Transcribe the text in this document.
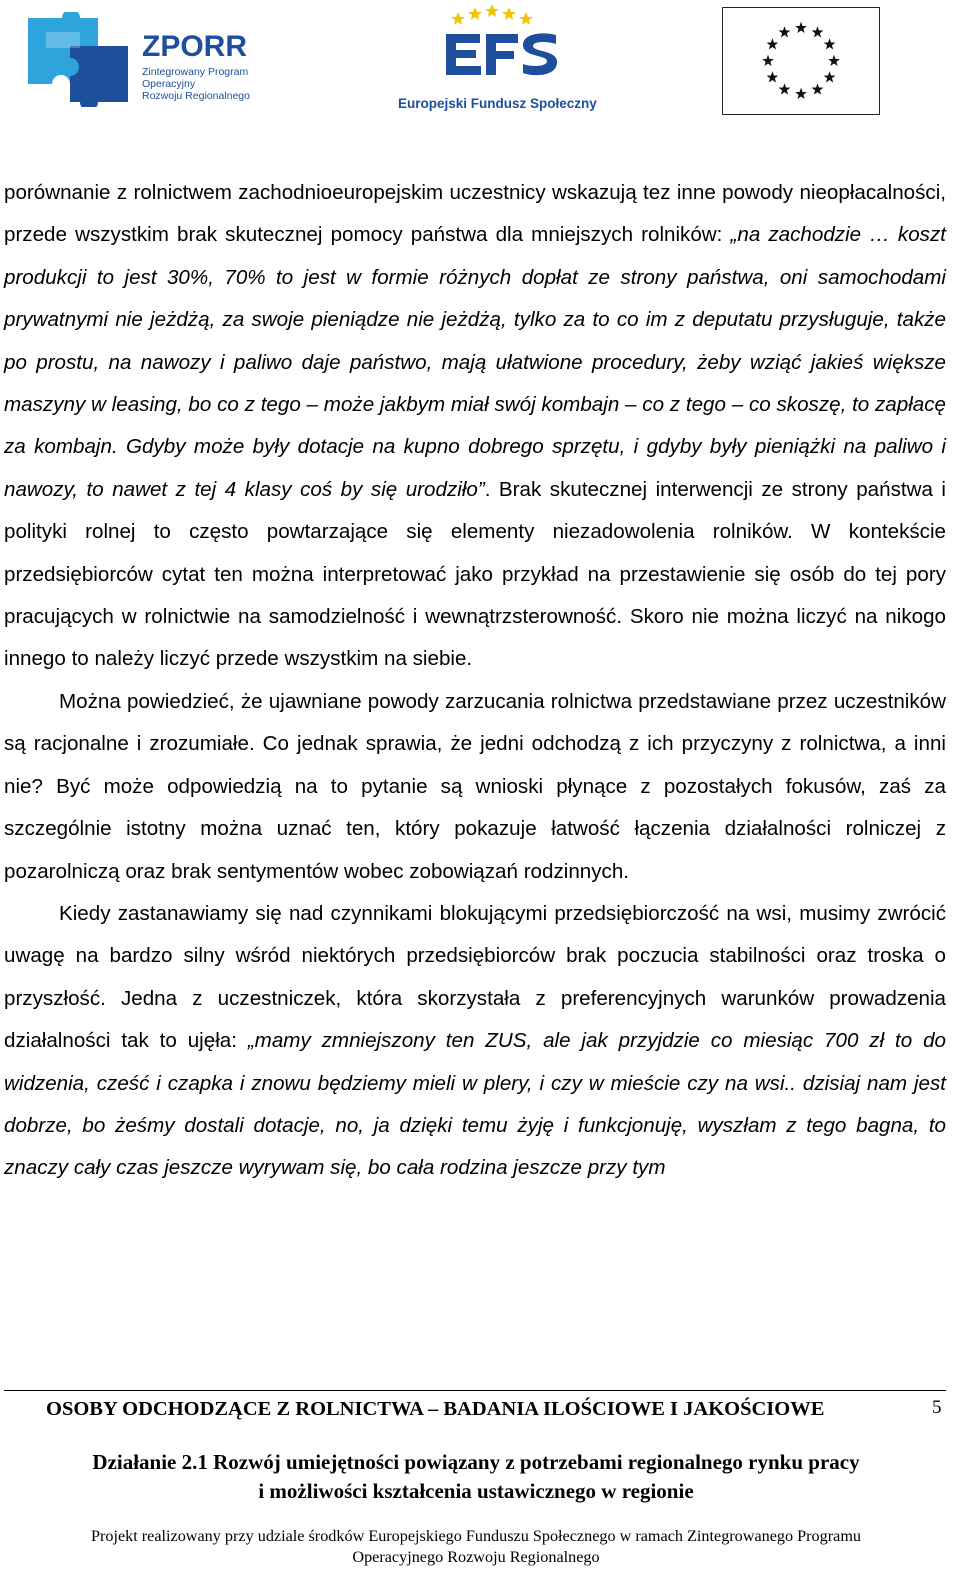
ZPORR
Zintegrowany Program
Operacyjny
Rozwoju Regionalnego	Europejski Fundusz Społeczny

porównanie z rolnictwem zachodnioeuropejskim uczestnicy wskazują tez inne powody nieopłacalności, przede wszystkim brak skutecznej pomocy państwa dla mniejszych rolników: „na zachodzie … koszt produkcji to jest 30%, 70% to jest w formie różnych dopłat ze strony państwa, oni samochodami prywatnymi nie jeżdżą, za swoje pieniądze nie jeżdżą, tylko za to co im z deputatu przysługuje, także po prostu, na nawozy i paliwo daje państwo, mają ułatwione procedury, żeby wziąć jakieś większe maszyny w leasing, bo co z tego – może jakbym miał swój kombajn – co z tego – co skoszę, to zapłacę za kombajn. Gdyby może były dotacje na kupno dobrego sprzętu, i gdyby były pieniążki na paliwo i nawozy, to nawet z tej 4 klasy coś by się urodziło”. Brak skutecznej interwencji ze strony państwa i polityki rolnej to często powtarzające się elementy niezadowolenia rolników. W kontekście przedsiębiorców cytat ten można interpretować jako przykład na przestawienie się osób do tej pory pracujących w rolnictwie na samodzielność i wewnątrzsterowność. Skoro nie można liczyć na nikogo innego to należy liczyć przede wszystkim na siebie.

Można powiedzieć, że ujawniane powody zarzucania rolnictwa przedstawiane przez uczestników są racjonalne i zrozumiałe. Co jednak sprawia, że jedni odchodzą z ich przyczyny z rolnictwa, a inni nie? Być może odpowiedzią na to pytanie są wnioski płynące z pozostałych fokusów, zaś za szczególnie istotny można uznać ten, który pokazuje łatwość łączenia działalności rolniczej z pozarolniczą oraz brak sentymentów wobec zobowiązań rodzinnych.

Kiedy zastanawiamy się nad czynnikami blokującymi przedsiębiorczość na wsi, musimy zwrócić uwagę na bardzo silny wśród niektórych przedsiębiorców brak poczucia stabilności oraz troska o przyszłość. Jedna z uczestniczek, która skorzystała z preferencyjnych warunków prowadzenia działalności tak to ujęła: „mamy zmniejszony ten ZUS, ale jak przyjdzie co miesiąc 700 zł to do widzenia, cześć i czapka i znowu będziemy mieli w plery, i czy w mieście czy na wsi.. dzisiaj nam jest dobrze, bo żeśmy dostali dotacje, no, ja dzięki temu żyję i funkcjonuję, wyszłam z tego bagna, to znaczy cały czas jeszcze wyrywam się, bo cała rodzina jeszcze przy tym

OSOBY ODCHODZĄCE Z ROLNICTWA – BADANIA ILOŚCIOWE I JAKOŚCIOWE	5
Działanie 2.1 Rozwój umiejętności powiązany z potrzebami regionalnego rynku pracy
i możliwości kształcenia ustawicznego w regionie
Projekt realizowany przy udziale środków Europejskiego Funduszu Społecznego w ramach Zintegrowanego Programu
Operacyjnego Rozwoju Regionalnego
